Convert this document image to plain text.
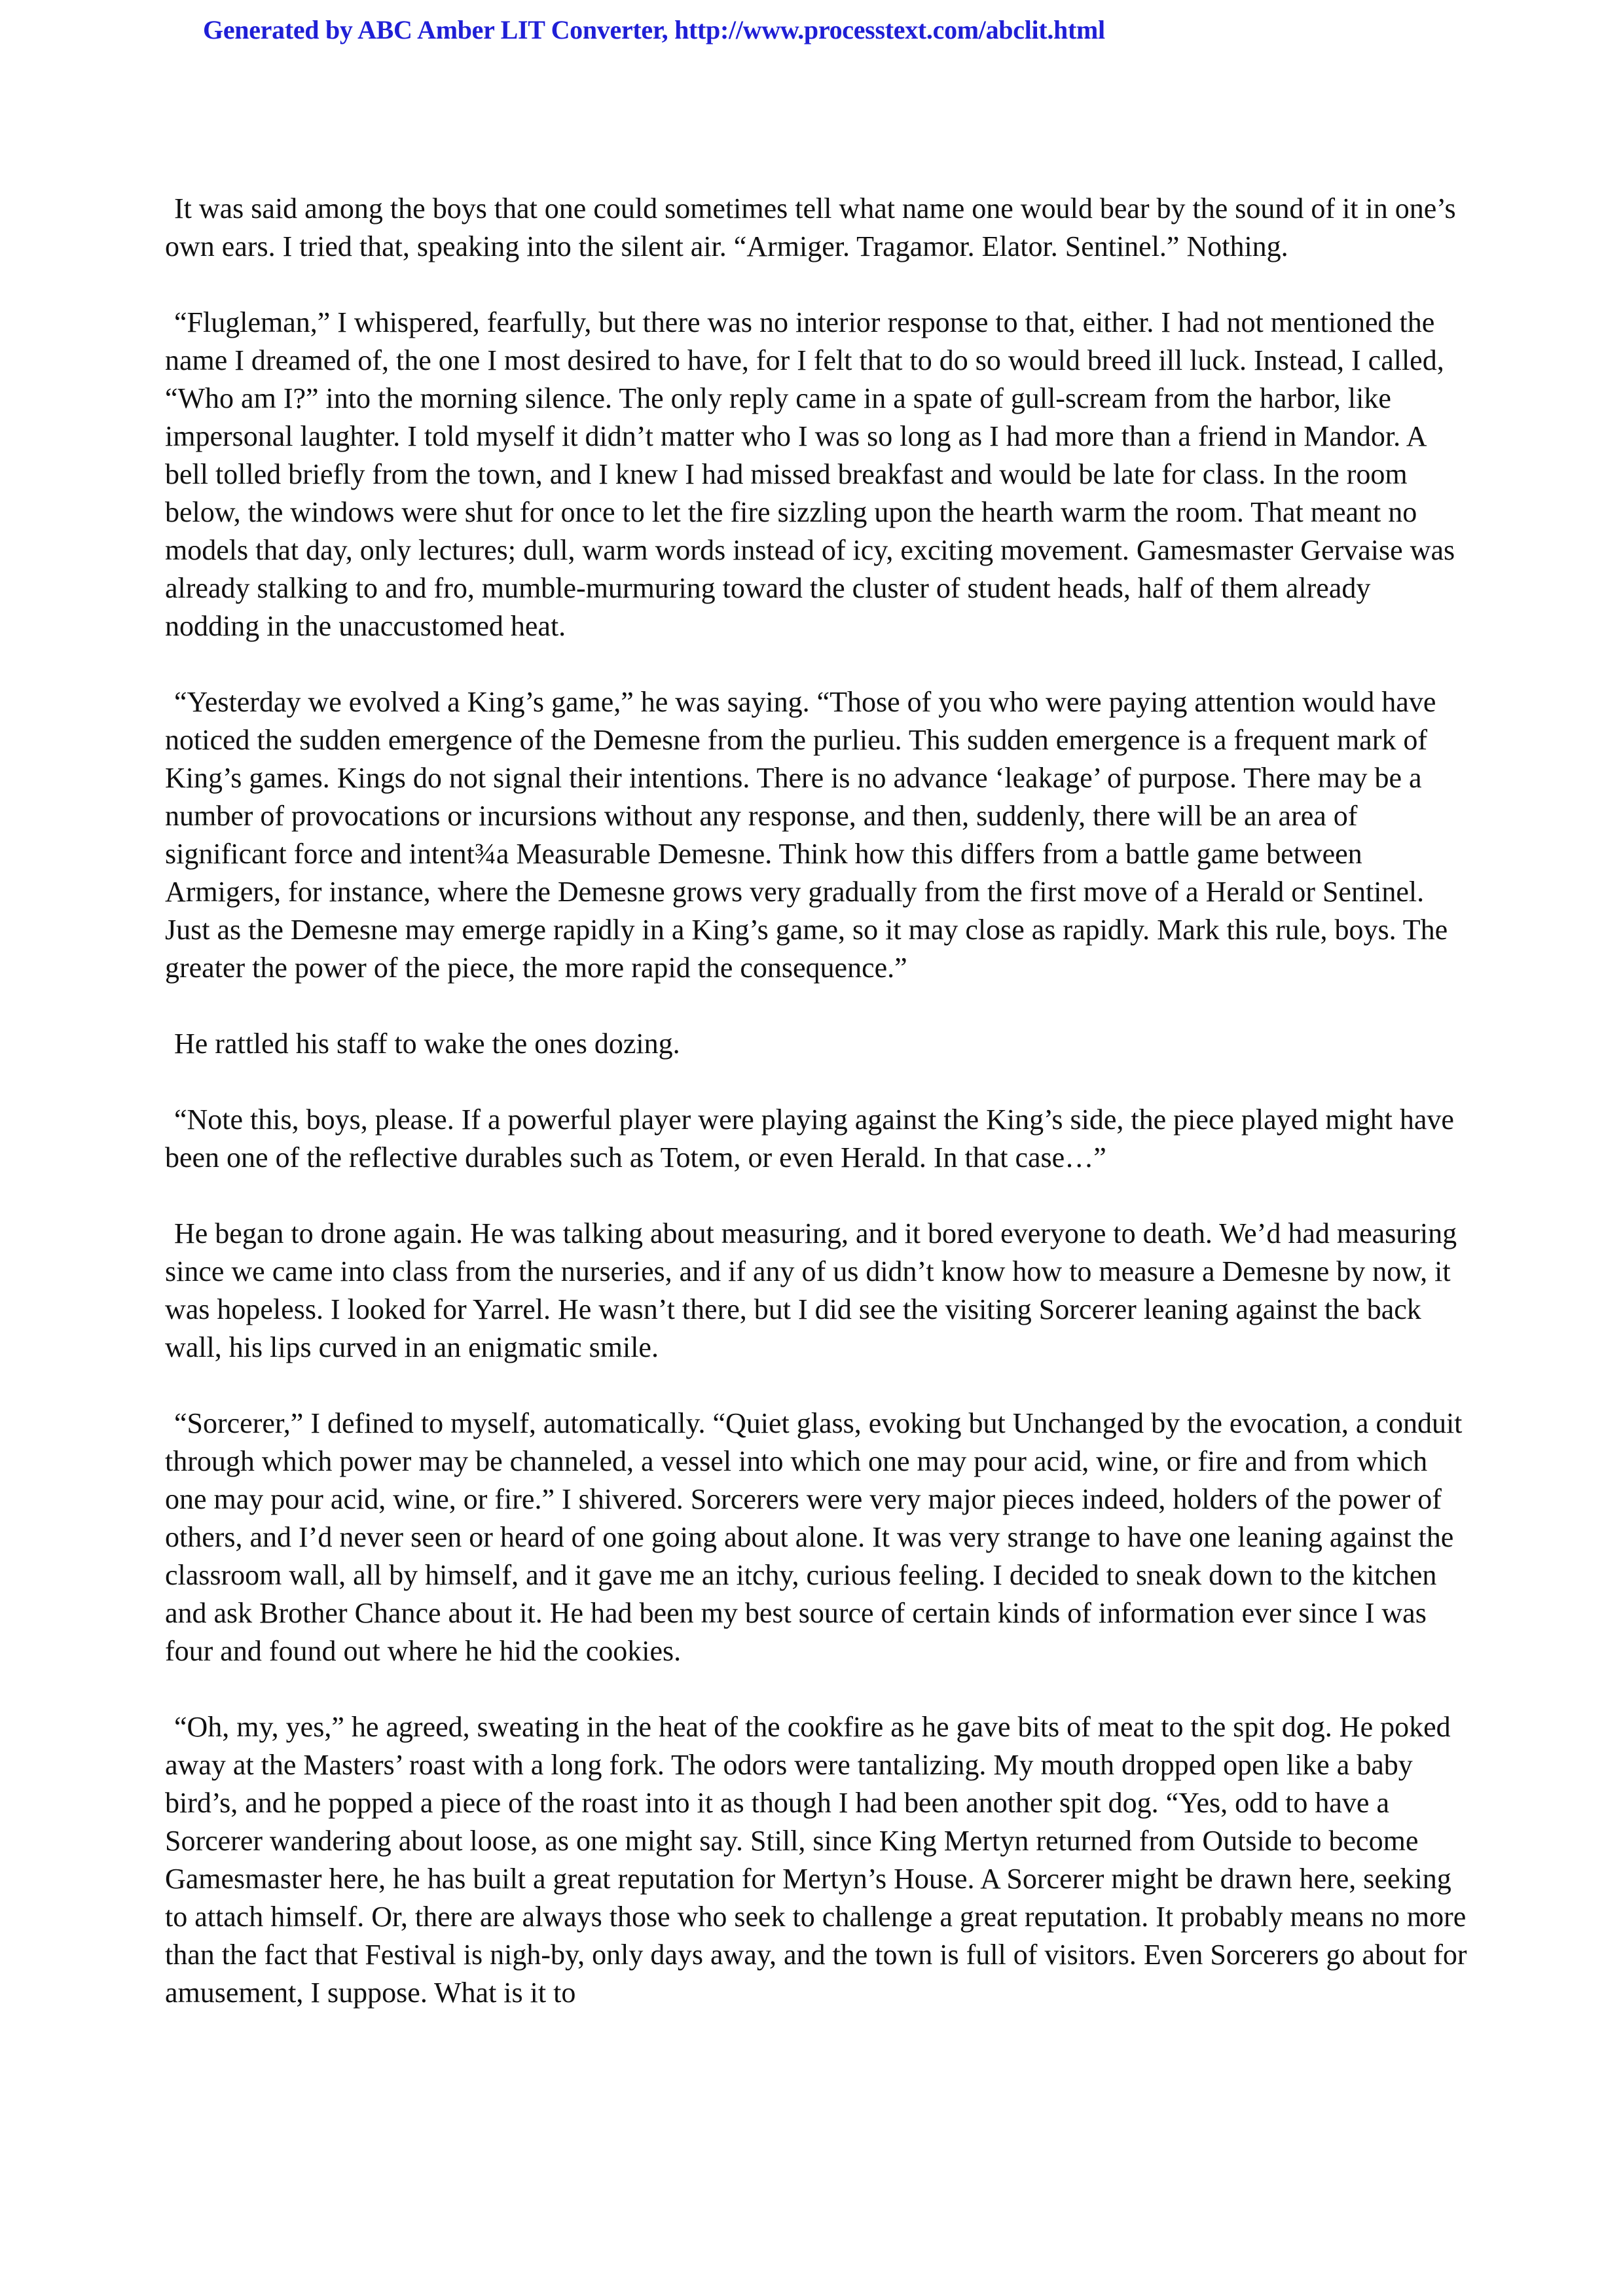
Generated by ABC Amber LIT Converter, http://www.processtext.com/abclit.html

It was said among the boys that one could sometimes tell what name one would bear by the sound of it in one’s own ears. I tried that, speaking into the silent air. “Armiger. Tragamor. Elator. Sentinel.” Nothing.

“Flugleman,” I whispered, fearfully, but there was no interior response to that, either. I had not mentioned the name I dreamed of, the one I most desired to have, for I felt that to do so would breed ill luck. Instead, I called, “Who am I?” into the morning silence. The only reply came in a spate of gull-scream from the harbor, like impersonal laughter. I told myself it didn’t matter who I was so long as I had more than a friend in Mandor. A bell tolled briefly from the town, and I knew I had missed breakfast and would be late for class. In the room below, the windows were shut for once to let the fire sizzling upon the hearth warm the room. That meant no models that day, only lectures; dull, warm words instead of icy, exciting movement. Gamesmaster Gervaise was already stalking to and fro, mumble-murmuring toward the cluster of student heads, half of them already nodding in the unaccustomed heat.

“Yesterday we evolved a King’s game,” he was saying. “Those of you who were paying attention would have noticed the sudden emergence of the Demesne from the purlieu. This sudden emergence is a frequent mark of King’s games. Kings do not signal their intentions. There is no advance ‘leakage’ of purpose. There may be a number of provocations or incursions without any response, and then, suddenly, there will be an area of significant force and intent¾a Measurable Demesne. Think how this differs from a battle game between Armigers, for instance, where the Demesne grows very gradually from the first move of a Herald or Sentinel. Just as the Demesne may emerge rapidly in a King’s game, so it may close as rapidly. Mark this rule, boys. The greater the power of the piece, the more rapid the consequence.”

He rattled his staff to wake the ones dozing.

“Note this, boys, please. If a powerful player were playing against the King’s side, the piece played might have been one of the reflective durables such as Totem, or even Herald. In that case…”

He began to drone again. He was talking about measuring, and it bored everyone to death. We’d had measuring since we came into class from the nurseries, and if any of us didn’t know how to measure a Demesne by now, it was hopeless. I looked for Yarrel. He wasn’t there, but I did see the visiting Sorcerer leaning against the back wall, his lips curved in an enigmatic smile.

“Sorcerer,” I defined to myself, automatically. “Quiet glass, evoking but Unchanged by the evocation, a conduit through which power may be channeled, a vessel into which one may pour acid, wine, or fire and from which one may pour acid, wine, or fire.” I shivered. Sorcerers were very major pieces indeed, holders of the power of others, and I’d never seen or heard of one going about alone. It was very strange to have one leaning against the classroom wall, all by himself, and it gave me an itchy, curious feeling. I decided to sneak down to the kitchen and ask Brother Chance about it. He had been my best source of certain kinds of information ever since I was four and found out where he hid the cookies.

“Oh, my, yes,” he agreed, sweating in the heat of the cookfire as he gave bits of meat to the spit dog. He poked away at the Masters’ roast with a long fork. The odors were tantalizing. My mouth dropped open like a baby bird’s, and he popped a piece of the roast into it as though I had been another spit dog. “Yes, odd to have a Sorcerer wandering about loose, as one might say. Still, since King Mertyn returned from Outside to become Gamesmaster here, he has built a great reputation for Mertyn’s House. A Sorcerer might be drawn here, seeking to attach himself. Or, there are always those who seek to challenge a great reputation. It probably means no more than the fact that Festival is nigh-by, only days away, and the town is full of visitors. Even Sorcerers go about for amusement, I suppose. What is it to
